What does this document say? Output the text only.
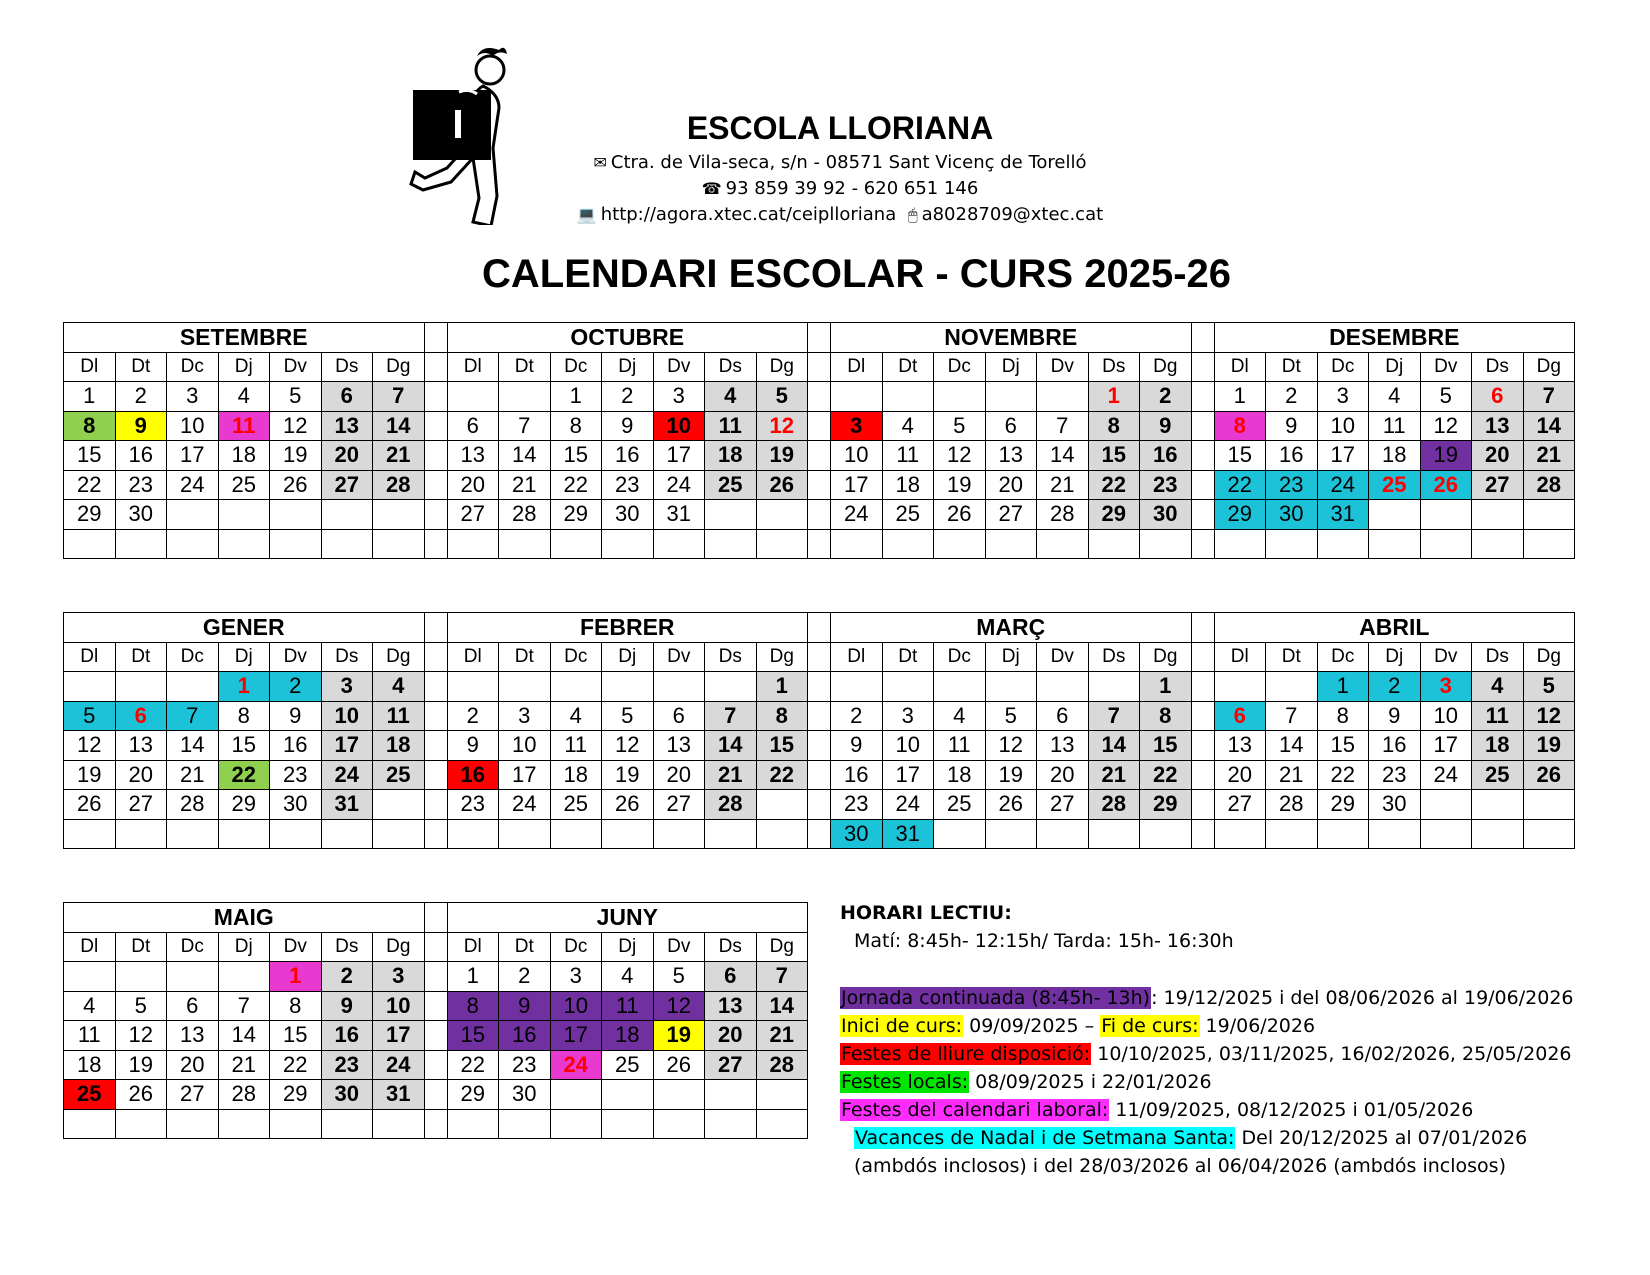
ESCOLA LLORIANA
✉ Ctra. de Vila-seca, s/n - 08571 Sant Vicenç de Torelló
☎ 93 859 39 92 - 620 651 146
💻 http://agora.xtec.cat/ceiplloriana 🖱 a8028709@xtec.cat
CALENDARI ESCOLAR - CURS 2025-26
SETEMBRE								OCTUBRE								NOVEMBRE								DESEMBRE						
Dl	Dt	Dc	Dj	Dv	Ds	Dg		Dl	Dt	Dc	Dj	Dv	Ds	Dg		Dl	Dt	Dc	Dj	Dv	Ds	Dg		Dl	Dt	Dc	Dj	Dv	Ds	Dg
1	2	3	4	5	6	7				1	2	3	4	5							1	2		1	2	3	4	5	6	7
8	9	10	11	12	13	14		6	7	8	9	10	11	12		3	4	5	6	7	8	9		8	9	10	11	12	13	14
15	16	17	18	19	20	21		13	14	15	16	17	18	19		10	11	12	13	14	15	16		15	16	17	18	19	20	21
22	23	24	25	26	27	28		20	21	22	23	24	25	26		17	18	19	20	21	22	23		22	23	24	25	26	27	28
29	30							27	28	29	30	31				24	25	26	27	28	29	30		29	30	31				

GENER								FEBRER								MARÇ								ABRIL						
Dl	Dt	Dc	Dj	Dv	Ds	Dg		Dl	Dt	Dc	Dj	Dv	Ds	Dg		Dl	Dt	Dc	Dj	Dv	Ds	Dg		Dl	Dt	Dc	Dj	Dv	Ds	Dg
			1	2	3	4								1								1				1	2	3	4	5
5	6	7	8	9	10	11		2	3	4	5	6	7	8		2	3	4	5	6	7	8		6	7	8	9	10	11	12
12	13	14	15	16	17	18		9	10	11	12	13	14	15		9	10	11	12	13	14	15		13	14	15	16	17	18	19
19	20	21	22	23	24	25		16	17	18	19	20	21	22		16	17	18	19	20	21	22		20	21	22	23	24	25	26
26	27	28	29	30	31			23	24	25	26	27	28			23	24	25	26	27	28	29		27	28	29	30			
																30	31													
MAIG								JUNY						
Dl	Dt	Dc	Dj	Dv	Ds	Dg		Dl	Dt	Dc	Dj	Dv	Ds	Dg
				1	2	3		1	2	3	4	5	6	7
4	5	6	7	8	9	10		8	9	10	11	12	13	14
11	12	13	14	15	16	17		15	16	17	18	19	20	21
18	19	20	21	22	23	24		22	23	24	25	26	27	28
25	26	27	28	29	30	31		29	30					

HORARI LECTIU:
Matí: 8:45h- 12:15h/ Tarda: 15h- 16:30h
Jornada continuada (8:45h- 13h): 19/12/2025 i del 08/06/2026 al 19/06/2026
Inici de curs: 09/09/2025 – Fi de curs: 19/06/2026
Festes de lliure disposició: 10/10/2025, 03/11/2025, 16/02/2026, 25/05/2026
Festes locals: 08/09/2025 i 22/01/2026
Festes del calendari laboral: 11/09/2025, 08/12/2025 i 01/05/2026
Vacances de Nadal i de Setmana Santa: Del 20/12/2025 al 07/01/2026
(ambdós inclosos) i del 28/03/2026 al 06/04/2026 (ambdós inclosos)
